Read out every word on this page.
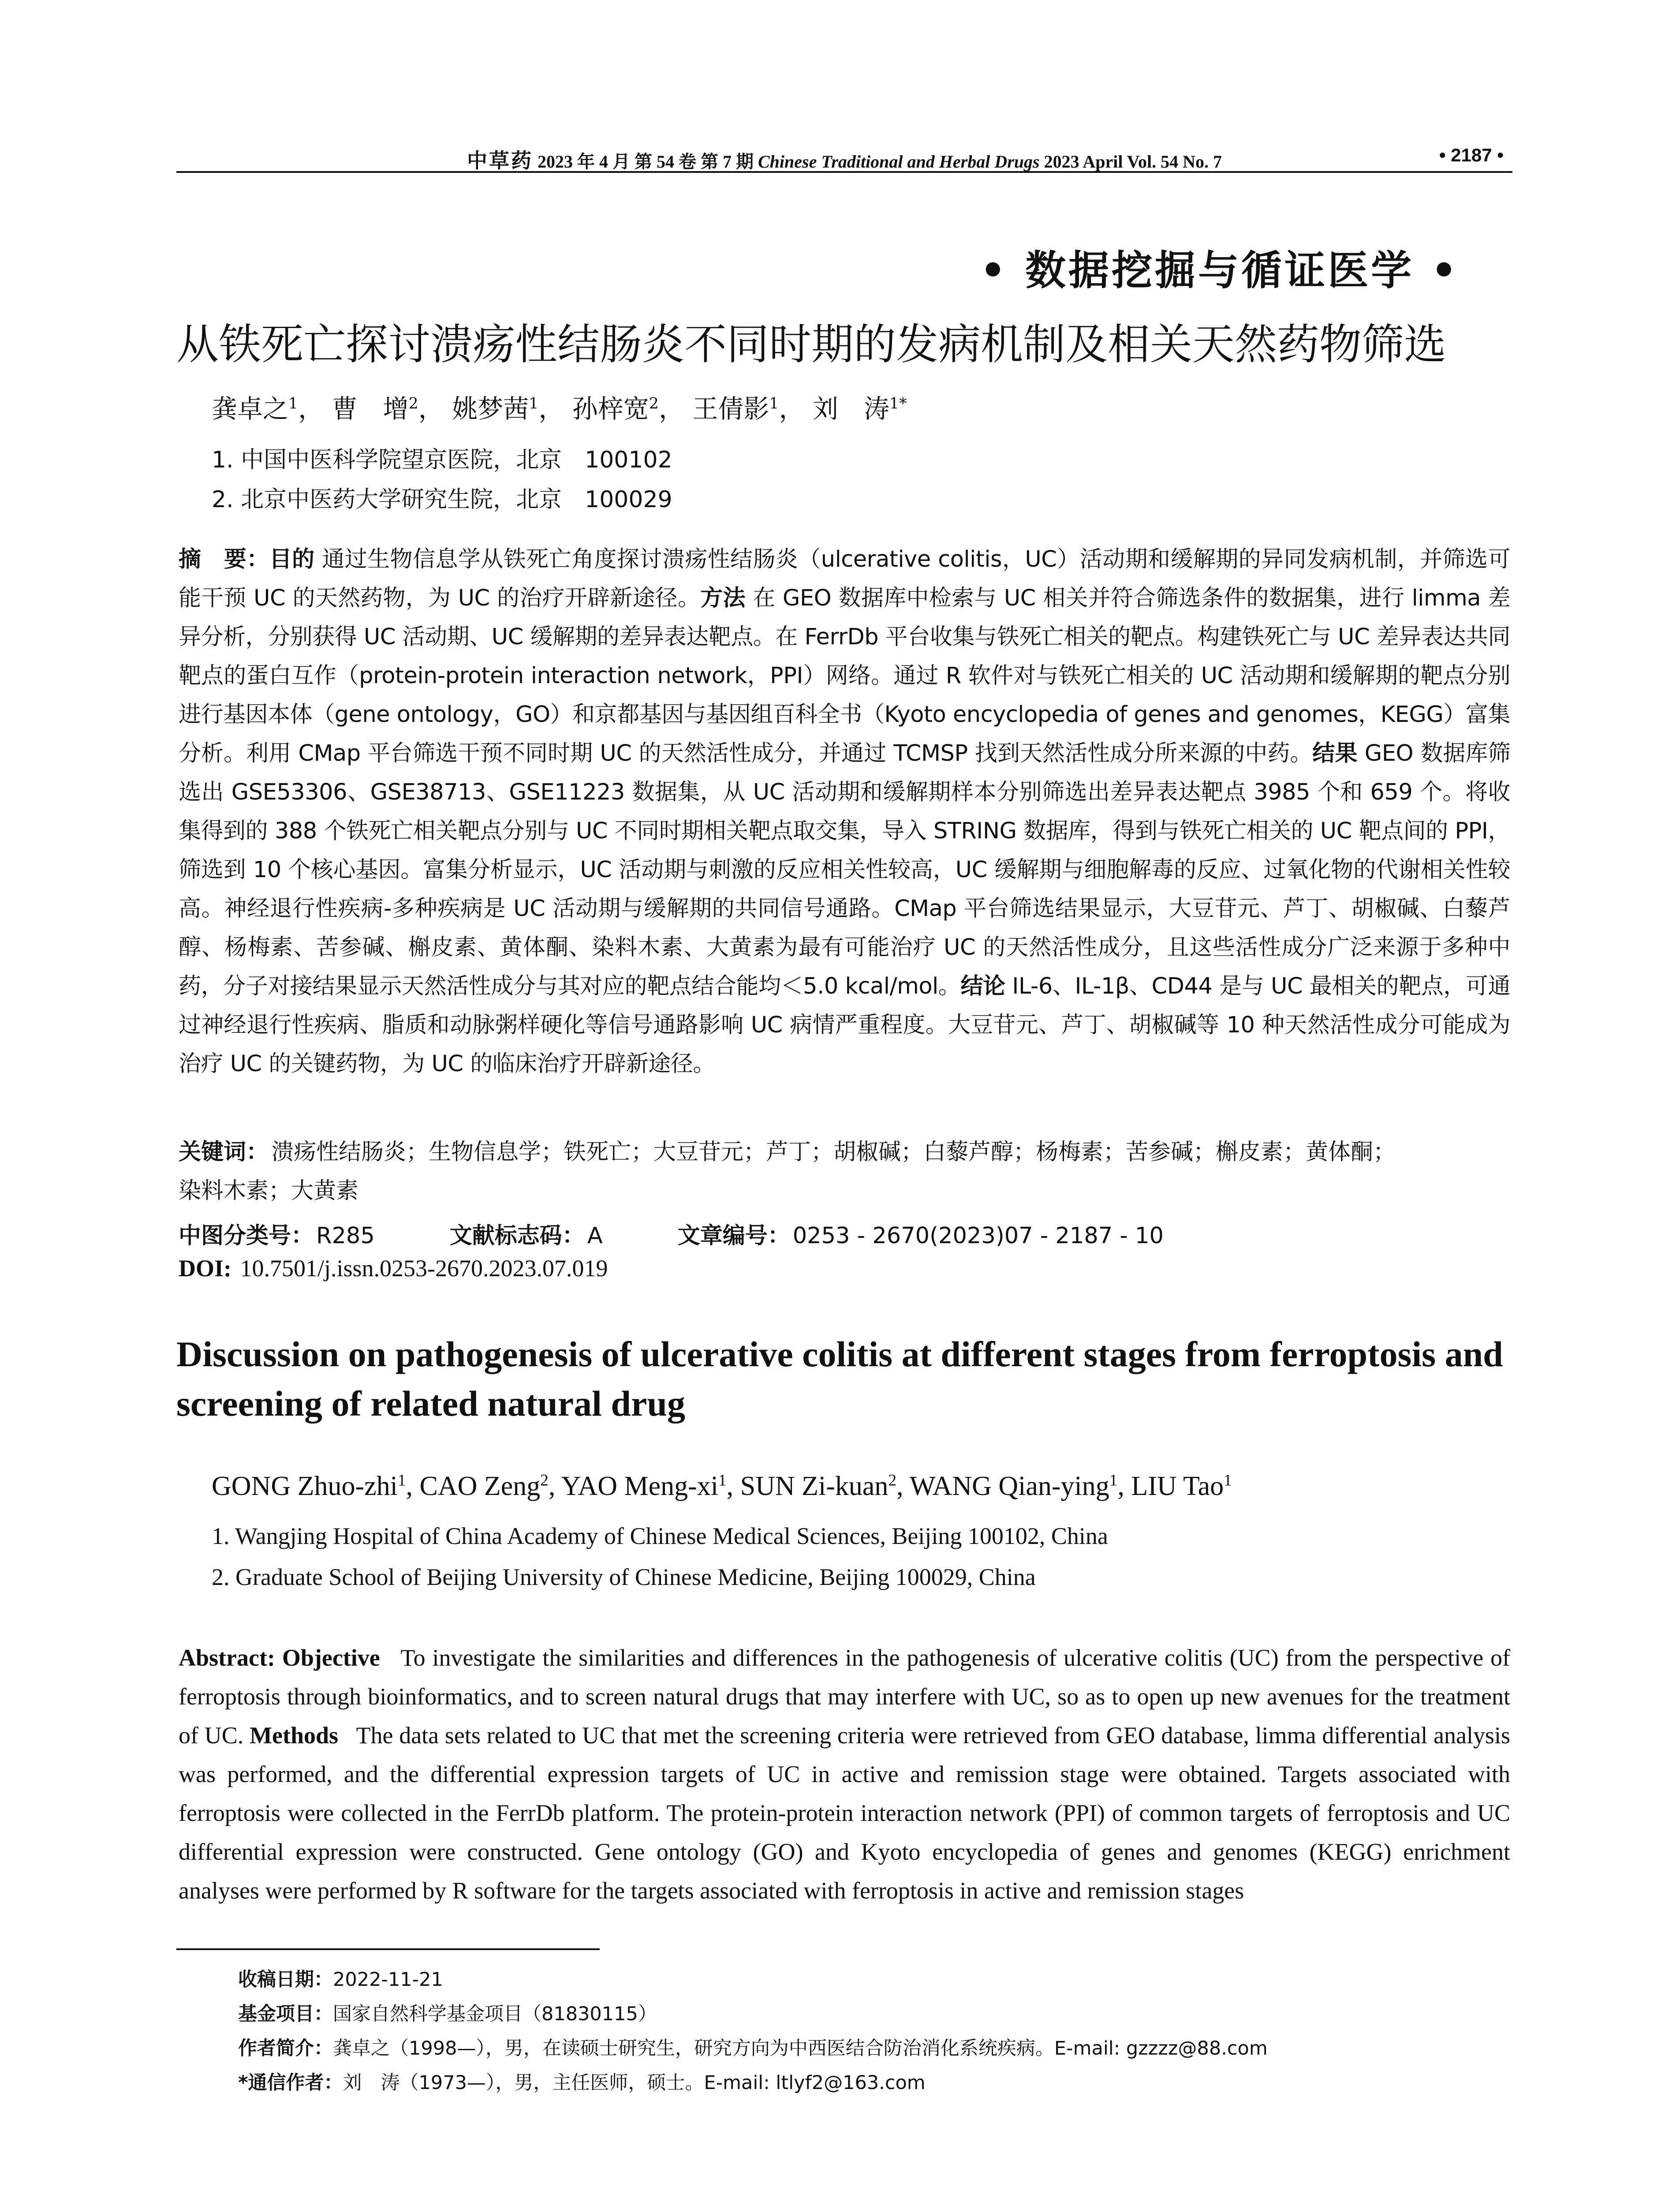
中草药 2023 年 4 月 第 54 卷 第 7 期 Chinese Traditional and Herbal Drugs 2023 April Vol. 54 No. 7	• 2187 •
• 数据挖掘与循证医学 •
从铁死亡探讨溃疡性结肠炎不同时期的发病机制及相关天然药物筛选
龚卓之$^1$， 曹　增$^2$， 姚梦茜$^1$， 孙梓宽$^2$， 王倩影$^1$， 刘　涛$^{1*}$
1. 中国中医科学院望京医院，北京　100102
2. 北京中医药大学研究生院，北京　100029
摘　要：目的 通过生物信息学从铁死亡角度探讨溃疡性结肠炎（ulcerative colitis，UC）活动期和缓解期的异同发病机制，并筛选可能干预 UC 的天然药物，为 UC 的治疗开辟新途径。方法 在 GEO 数据库中检索与 UC 相关并符合筛选条件的数据集，进行 limma 差异分析，分别获得 UC 活动期、UC 缓解期的差异表达靶点。在 FerrDb 平台收集与铁死亡相关的靶点。构建铁死亡与 UC 差异表达共同靶点的蛋白互作（protein-protein interaction network，PPI）网络。通过 R 软件对与铁死亡相关的 UC 活动期和缓解期的靶点分别进行基因本体（gene ontology，GO）和京都基因与基因组百科全书（Kyoto encyclopedia of genes and genomes，KEGG）富集分析。利用 CMap 平台筛选干预不同时期 UC 的天然活性成分，并通过 TCMSP 找到天然活性成分所来源的中药。结果 GEO 数据库筛选出 GSE53306、GSE38713、GSE11223 数据集，从 UC 活动期和缓解期样本分别筛选出差异表达靶点 3985 个和 659 个。将收集得到的 388 个铁死亡相关靶点分别与 UC 不同时期相关靶点取交集，导入 STRING 数据库，得到与铁死亡相关的 UC 靶点间的 PPI，筛选到 10 个核心基因。富集分析显示，UC 活动期与刺激的反应相关性较高，UC 缓解期与细胞解毒的反应、过氧化物的代谢相关性较高。神经退行性疾病-多种疾病是 UC 活动期与缓解期的共同信号通路。CMap 平台筛选结果显示，大豆苷元、芦丁、胡椒碱、白藜芦醇、杨梅素、苦参碱、槲皮素、黄体酮、染料木素、大黄素为最有可能治疗 UC 的天然活性成分，且这些活性成分广泛来源于多种中药，分子对接结果显示天然活性成分与其对应的靶点结合能均＜5.0 kcal/mol。结论 IL-6、IL-1β、CD44 是与 UC 最相关的靶点，可通过神经退行性疾病、脂质和动脉粥样硬化等信号通路影响 UC 病情严重程度。大豆苷元、芦丁、胡椒碱等 10 种天然活性成分可能成为治疗 UC 的关键药物，为 UC 的临床治疗开辟新途径。
关键词： 溃疡性结肠炎；生物信息学；铁死亡；大豆苷元；芦丁；胡椒碱；白藜芦醇；杨梅素；苦参碱；槲皮素；黄体酮；
染料木素；大黄素
中图分类号： R285	文献标志码： A	文章编号： 0253 - 2670(2023)07 - 2187 - 10
DOI: 10.7501/j.issn.0253-2670.2023.07.019
Discussion on pathogenesis of ulcerative colitis at different stages from ferroptosis and screening of related natural drug
GONG Zhuo-zhi$^1$, CAO Zeng$^2$, YAO Meng-$xi^1$, SUN Zi-kuan$^2$, WANG Qian-ying$^1$, LIU Tao$^1$
1. Wangjing Hospital of China Academy of Chinese Medical Sciences, Beijing 100102, China
2. Graduate School of Beijing University of Chinese Medicine, Beijing 100029, China
Abstract: Objective To investigate the similarities and differences in the pathogenesis of ulcerative colitis (UC) from the perspective of ferroptosis through bioinformatics, and to screen natural drugs that may interfere with UC, so as to open up new avenues for the treatment of UC. Methods The data sets related to UC that met the screening criteria were retrieved from GEO database, limma differential analysis was performed, and the differential expression targets of UC in active and remission stage were obtained. Targets associated with ferroptosis were collected in the FerrDb platform. The protein-protein interaction network (PPI) of common targets of ferroptosis and UC differential expression were constructed. Gene ontology (GO) and Kyoto encyclopedia of genes and genomes (KEGG) enrichment analyses were performed by R software for the targets associated with ferroptosis in active and remission stages
收稿日期：2022-11-21
基金项目：国家自然科学基金项目（81830115）
作者简介：龚卓之（1998—），男，在读硕士研究生，研究方向为中西医结合防治消化系统疾病。E-mail: gzzzz@88.com
*通信作者：刘　涛（1973—），男，主任医师，硕士。E-mail: ltlyf2@163.com
